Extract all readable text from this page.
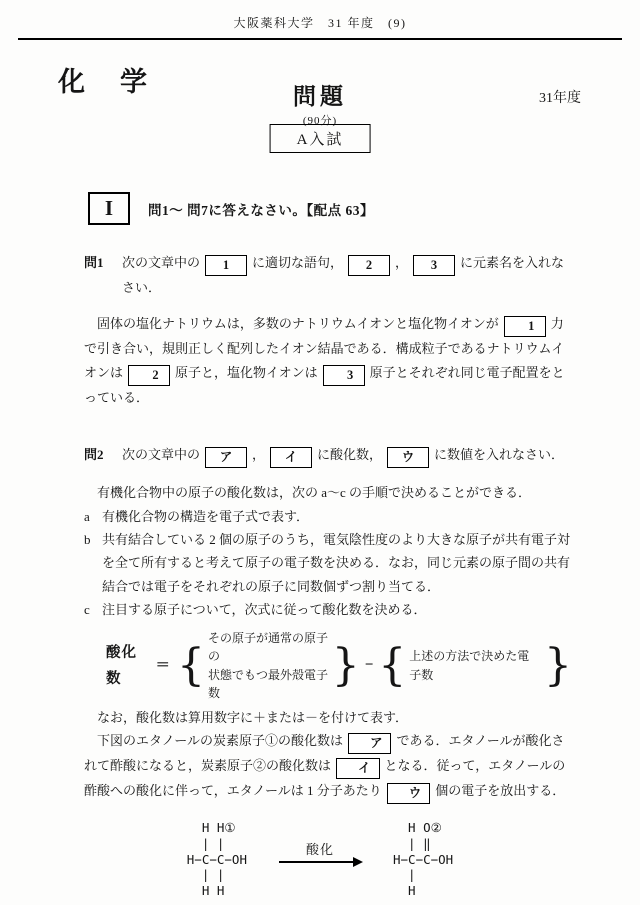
大阪薬科大学　31 年度　(9)
化　学	問題
(90分)
31年度
A入試
I	問1～ 問7に答えなさい。【配点 63】
問1	次の文章中の 1 に適切な語句， 2 ， 3 に元素名を入れなさい．

固体の塩化ナトリウムは，多数のナトリウムイオンと塩化物イオンが 1 力で引き合い，規則正しく配列したイオン結晶である．構成粒子であるナトリウムイオンは 2 原子と，塩化物イオンは 3 原子とそれぞれ同じ電子配置をとっている．

問2	次の文章中の ア ， イ に酸化数， ウ に数値を入れなさい．

有機化合物中の原子の酸化数は，次の a～c の手順で決めることができる．

a 有機化合物の構造を電子式で表す．
b 共有結合している 2 個の原子のうち，電気陰性度のより大きな原子が共有電子対を全て所有すると考えて原子の電子数を決める．なお，同じ元素の原子間の共有結合では電子をそれぞれの原子に同数個ずつ割り当てる．
c 注目する原子について，次式に従って酸化数を決める．
酸化数
＝ {
その原子が通常の原子の
状態でもつ最外殻電子数
} − { 上述の方法で決めた電子数	}

なお，酸化数は算用数字に＋または－を付けて表す．

下図のエタノールの炭素原子①の酸化数は ア である．エタノールが酸化されて酢酸になると，炭素原子②の酸化数は イ となる．従って，エタノールの酢酸への酸化に伴って，エタノールは 1 分子あたり ウ 個の電子を放出する．

H H①
| |
H−C−C−OH
| |
H H
酸化
H O②
| ‖
H−C−C−OH
|
H
